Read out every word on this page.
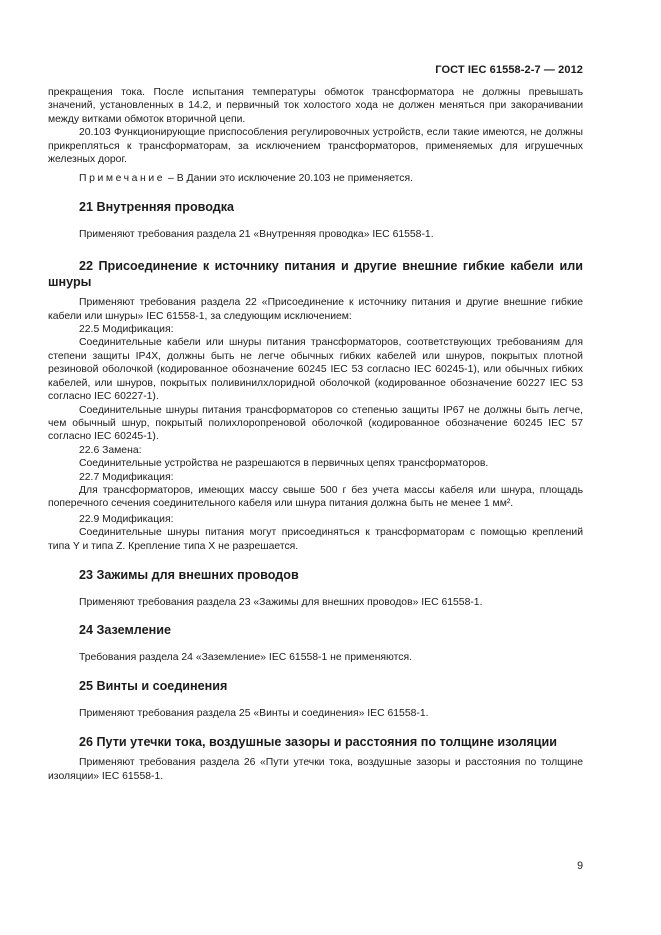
ГОСТ IEC 61558-2-7 — 2012

прекращения тока. После испытания температуры обмоток трансформатора не должны превышать значений, установленных в 14.2, и первичный ток холостого хода не должен меняться при закорачивании между витками обмоток вторичной цепи.

20.103 Функционирующие приспособления регулировочных устройств, если такие имеются, не должны прикрепляться к трансформаторам, за исключением трансформаторов, применяемых для игрушечных железных дорог.

Примечание – В Дании это исключение 20.103 не применяется.

21 Внутренняя проводка

Применяют требования раздела 21 «Внутренняя проводка» IEC 61558-1.

22 Присоединение к источнику питания и другие внешние гибкие кабели или шнуры

Применяют требования раздела 22 «Присоединение к источнику питания и другие внешние гибкие кабели или шнуры» IEC 61558-1, за следующим исключением:

22.5 Модификация:

Соединительные кабели или шнуры питания трансформаторов, соответствующих требованиям для степени защиты IP4X, должны быть не легче обычных гибких кабелей или шнуров, покрытых плотной резиновой оболочкой (кодированное обозначение 60245 IEC 53 согласно IEC 60245-1), или обычных гибких кабелей, или шнуров, покрытых поливинилхлоридной оболочкой (кодированное обозначение 60227 IEC 53 согласно IEC 60227-1).

Соединительные шнуры питания трансформаторов со степенью защиты IP67 не должны быть легче, чем обычный шнур, покрытый полихлоропреновой оболочкой (кодированное обозначение 60245 IEC 57 согласно IEC 60245-1).

22.6 Замена:

Соединительные устройства не разрешаются в первичных цепях трансформаторов.

22.7 Модификация:

Для трансформаторов, имеющих массу свыше 500 г без учета массы кабеля или шнура, площадь поперечного сечения соединительного кабеля или шнура питания должна быть не менее 1 мм².

22.9 Модификация:

Соединительные шнуры питания могут присоединяться к трансформаторам с помощью креплений типа Y и типа Z. Крепление типа X не разрешается.

23 Зажимы для внешних проводов

Применяют требования раздела 23 «Зажимы для внешних проводов» IEC 61558-1.

24 Заземление

Требования раздела 24 «Заземление» IEC 61558-1 не применяются.

25 Винты и соединения

Применяют требования раздела 25 «Винты и соединения» IEC 61558-1.

26 Пути утечки тока, воздушные зазоры и расстояния по толщине изоляции

Применяют требования раздела 26 «Пути утечки тока, воздушные зазоры и расстояния по толщине изоляции» IEC 61558-1.

9
